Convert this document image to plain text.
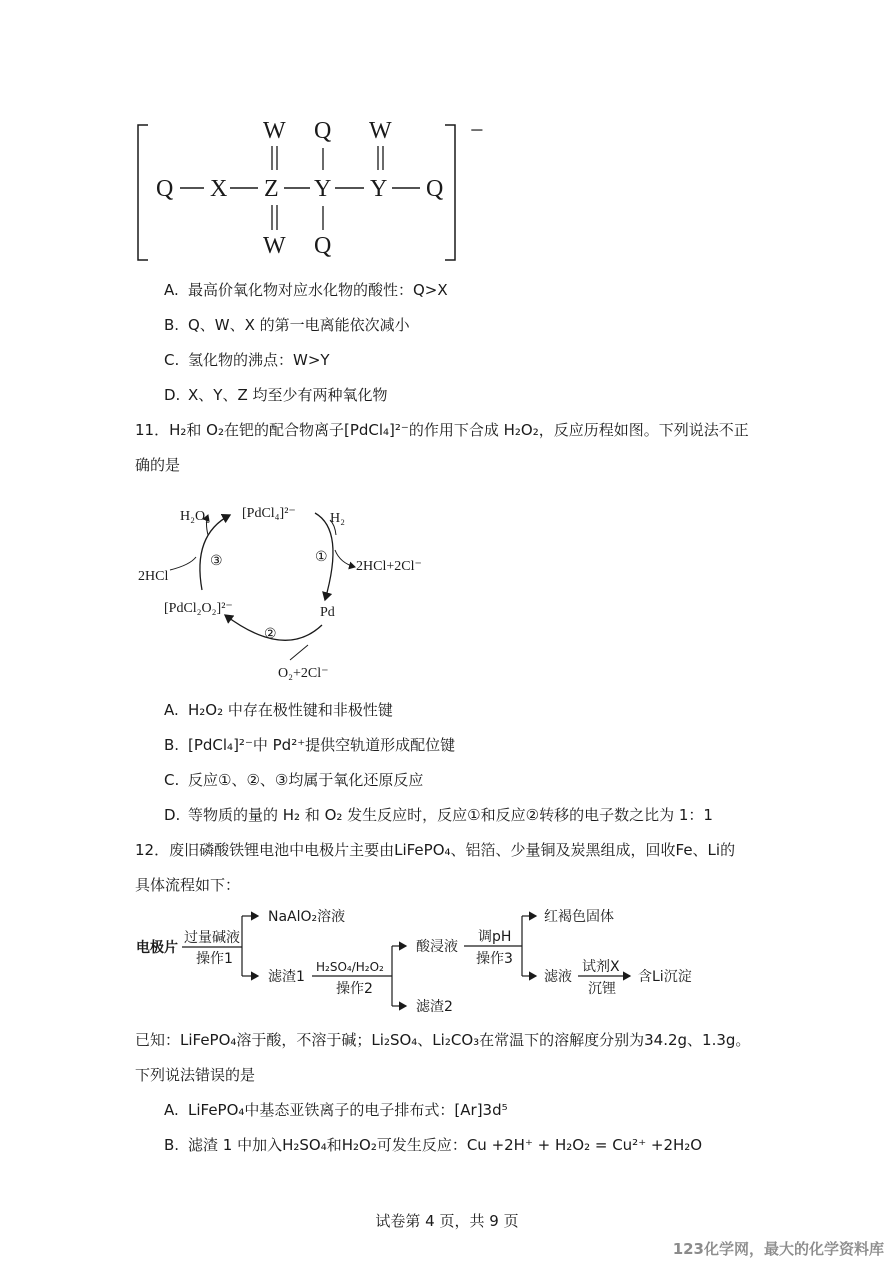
−
Q X Z Y Y Q
W
W
Q
Q
W
A. 最高价氧化物对应水化物的酸性：Q>X
B. Q、W、X 的第一电离能依次减小
C. 氢化物的沸点：W>Y
D. X、Y、Z 均至少有两种氧化物
11．H₂和 O₂在钯的配合物离子[PdCl₄]²⁻的作用下合成 H₂O₂，反应历程如图。下列说法不正
确的是
[PdCl₄]²⁻ H₂
①
2HCl+2Cl⁻
Pd
②
O₂+2Cl⁻
[PdCl₂O₂]²⁻
③
2HCl
H₂O₂
A. H₂O₂ 中存在极性键和非极性键
B. [PdCl₄]²⁻中 Pd²⁺提供空轨道形成配位键
C. 反应①、②、③均属于氧化还原反应
D. 等物质的量的 H₂ 和 O₂ 发生反应时，反应①和反应②转移的电子数之比为 1：1
12．废旧磷酸铁锂电池中电极片主要由LiFePO₄、铝箔、少量铜及炭黑组成，回收Fe、Li的
具体流程如下：
电极片
过量碱液
操作1
NaAlO₂溶液
滤渣1
H₂SO₄/H₂O₂
操作2
酸浸液
滤渣2
调pH
操作3
红褐色固体
滤液
试剂X
沉锂
含Li沉淀
已知：LiFePO₄溶于酸，不溶于碱；Li₂SO₄、Li₂CO₃在常温下的溶解度分别为34.2g、1.3g。
下列说法错误的是
A. LiFePO₄中基态亚铁离子的电子排布式：[Ar]3d⁵
B. 滤渣 1 中加入H₂SO₄和H₂O₂可发生反应：Cu +2H⁺ + H₂O₂ = Cu²⁺ +2H₂O
试卷第 4 页，共 9 页
123化学网，最大的化学资料库
